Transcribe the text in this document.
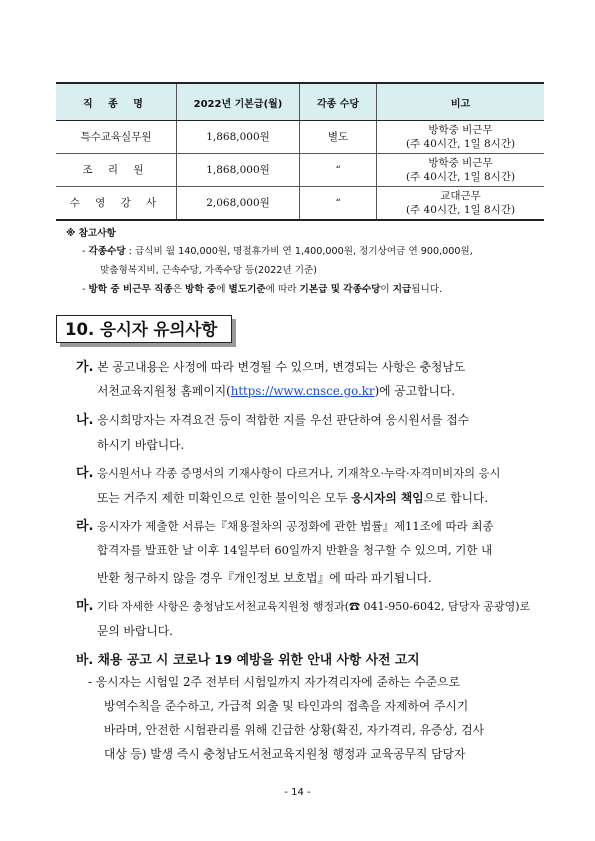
직 종 명	2022년 기본급(월)	각종 수당	비고
특수교육실무원	1,868,000원	별도	방학중 비근무
(주 40시간, 1일 8시간)

조 리 원	1,868,000원	“	방학중 비근무
(주 40시간, 1일 8시간)

수 영 강 사	2,068,000원	“	교대근무
(주 40시간, 1일 8시간)
※ 참고사항
- 각종수당 : 급식비 월 140,000원, 명절휴가비 연 1,400,000원, 정기상여금 연 900,000원,
맞춤형복지비, 근속수당, 가족수당 등(2022년 기준)
- 방학 중 비근무 직종은 방학 중에 별도기준에 따라 기본급 및 각종수당이 지급됩니다.
10. 응시자 유의사항
가. 본 공고내용은 사정에 따라 변경될 수 있으며, 변경되는 사항은 충청남도
서천교육지원청 홈페이지(https://www.cnsce.go.kr)에 공고합니다.
나. 응시희망자는 자격요건 등이 적합한 지를 우선 판단하여 응시원서를 접수
하시기 바랍니다.
다. 응시원서나 각종 증명서의 기재사항이 다르거나, 기재착오·누락·자격미비자의 응시
또는 거주지 제한 미확인으로 인한 불이익은 모두 응시자의 책임으로 합니다.
라. 응시자가 제출한 서류는『채용절차의 공정화에 관한 법률』제11조에 따라 최종
합격자를 발표한 날 이후 14일부터 60일까지 반환을 청구할 수 있으며, 기한 내
반환 청구하지 않을 경우『개인정보 보호법』에 따라 파기됩니다.
마. 기타 자세한 사항은 충청남도서천교육지원청 행정과(☎ 041-950-6042, 담당자 공광영)로
문의 바랍니다.
바. 채용 공고 시 코로나 19 예방을 위한 안내 사항 사전 고지
- 응시자는 시험일 2주 전부터 시험일까지 자가격리자에 준하는 수준으로
방역수칙을 준수하고, 가급적 외출 및 타인과의 접촉을 자제하여 주시기
바라며, 안전한 시험관리를 위해 긴급한 상황(확진, 자가격리, 유증상, 검사
대상 등) 발생 즉시 충청남도서천교육지원청 행정과 교육공무직 담당자
- 14 -
